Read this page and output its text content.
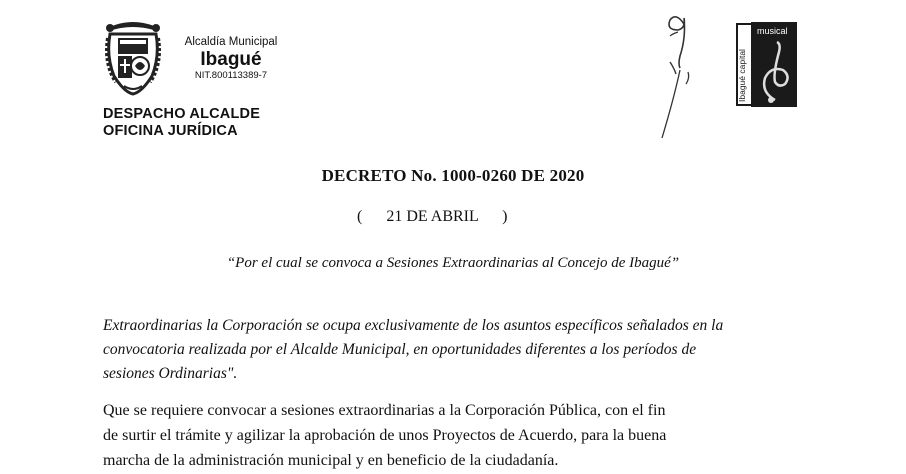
Alcaldía Municipal
Ibagué
NIT.800113389-7
DESPACHO ALCALDE
OFICINA JURÍDICA
Ibagué capital
musical
DECRETO No. 1000-0260 DE 2020
(      21 DE ABRIL      )
“Por el cual se convoca a Sesiones Extraordinarias al Concejo de Ibagué”
Extraordinarias la Corporación se ocupa exclusivamente de los asuntos específicos señalados en la
convocatoria realizada por el Alcalde Municipal, en oportunidades diferentes a los períodos de
sesiones Ordinarias".
Que se requiere convocar a sesiones extraordinarias a la Corporación Pública, con el fin
de surtir el trámite y agilizar la aprobación de unos Proyectos de Acuerdo, para la buena
marcha de la administración municipal y en beneficio de la ciudadanía.
